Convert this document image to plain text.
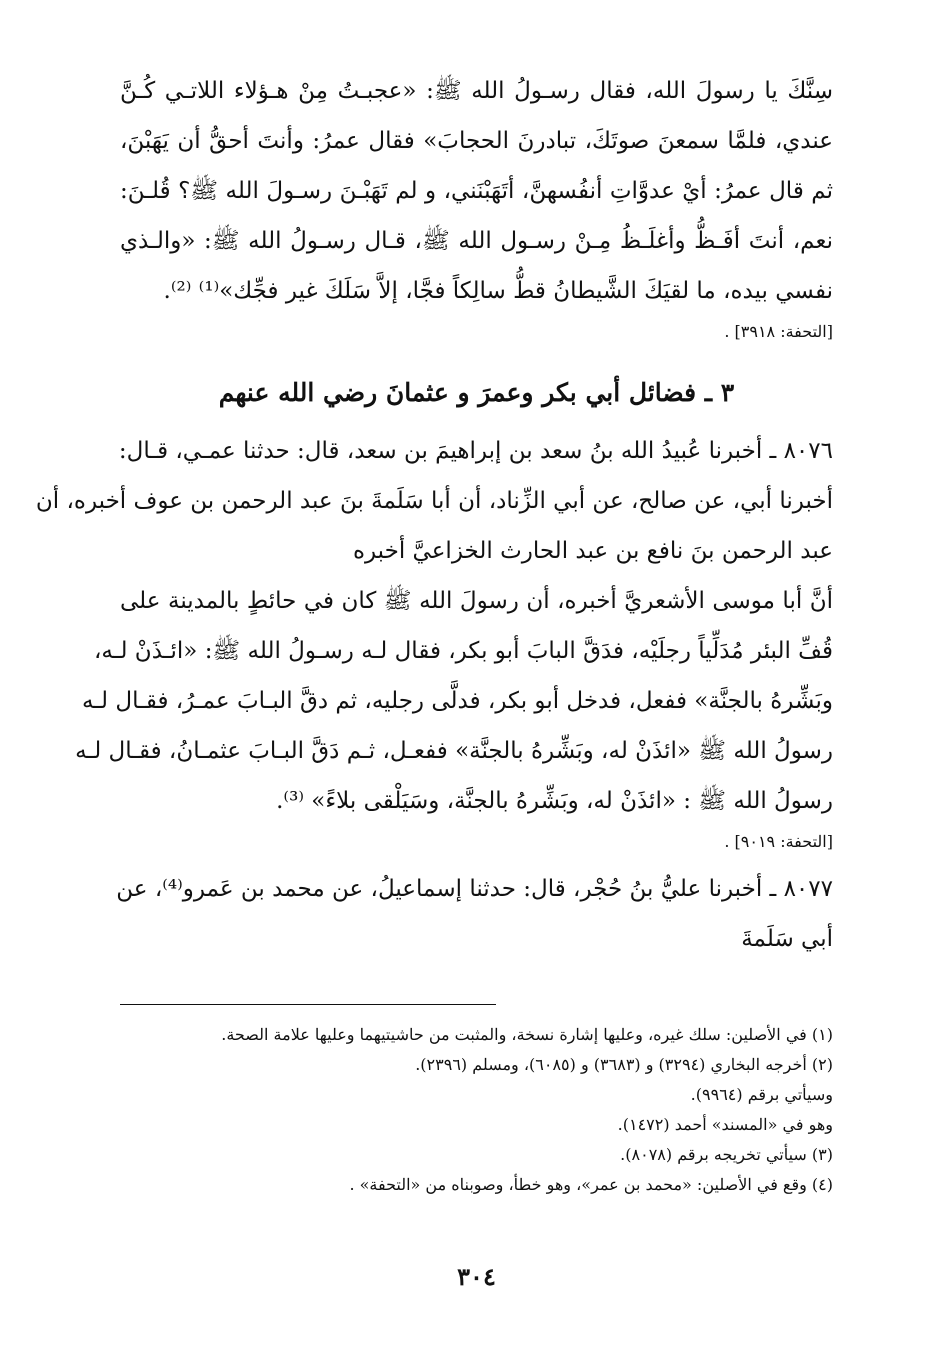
سِنَّكَ يا رسولَ الله، فقال رسـولُ الله ﷺ: «عجبـتُ مِنْ هـؤلاء اللاتـي كُـنَّ
عندي، فلمَّا سمعنَ صوتَكَ، تبادرنَ الحجابَ» فقال عمرُ: وأنتَ أحقُّ أن يَهَبْنَ،
ثم قال عمرُ: أيْ عدوَّاتِ أنفُسهنَّ، أتَهَبْنَني، و لم تَهَبْـنَ رسـولَ الله ﷺ؟ قُلـنَ:
نعم، أنتَ أفَـظُّ وأغلَـظُ مِـنْ رسـول الله ﷺ، قـال رسـولُ الله ﷺ: «والـذي
نفسي بيده، ما لقيَكَ الشَّيطانُ قطُّ سالِكاً فجَّا، إلاَّ سَلَكَ غير فجِّك»⁽¹⁾ ⁽²⁾.
[التحفة: ٣٩١٨] .
٣ ـ فضائل أبي بكر وعمرَ و عثمانَ رضي الله عنهم
٨٠٧٦ ـ أخبرنا عُبيدُ الله بنُ سعد بن إبراهيمَ بن سعد، قال: حدثنا عمـي، قـال:
أخبرنا أبي، عن صالح، عن أبي الزِّناد، أن أبا سَلَمةَ بنَ عبد الرحمن بن عوف أخبره، أن
عبد الرحمن بنَ نافع بن عبد الحارث الخزاعيَّ أخبره
أنَّ أبا موسى الأشعريَّ أخبره، أن رسولَ الله ﷺ كان في حائطٍ بالمدينة على
قُفِّ البئر مُدَلِّياً رجلَيْه، فدَقَّ البابَ أبو بكر، فقال لـه رسـولُ الله ﷺ: «ائـذَنْ لـه،
وبَشِّرهُ بالجنَّة» ففعل، فدخل أبو بكر، فدلَّى رجليه، ثم دقَّ البـابَ عمـرُ، فقـال لـه
رسولُ الله ﷺ «ائذَنْ له، وبَشِّرهُ بالجنَّة» ففعـل، ثـم دَقَّ البـابَ عثمـانُ، فقـال لـه
رسولُ الله ﷺ : «ائذَنْ له، وبَشِّرهُ بالجنَّة، وسَيَلْقى بلاءً» ⁽³⁾.
[التحفة: ٩٠١٩] .
٨٠٧٧ ـ أخبرنا عليُّ بنُ حُجْر، قال: حدثنا إسماعيلُ، عن محمد بن عَمرو⁽⁴⁾، عن
أبي سَلَمةَ
(١) في الأصلين: سلك غيره، وعليها إشارة نسخة، والمثبت من حاشيتيهما وعليها علامة الصحة.
(٢) أخرجه البخاري (٣٢٩٤) و (٣٦٨٣) و (٦٠٨٥)، ومسلم (٢٣٩٦).
وسيأتي برقم (٩٩٦٤).
وهو في «المسند» أحمد (١٤٧٢).
(٣) سيأتي تخريجه برقم (٨٠٧٨).
(٤) وقع في الأصلين: «محمد بن عمر»، وهو خطأ، وصوبناه من «التحفة» .
٣٠٤
